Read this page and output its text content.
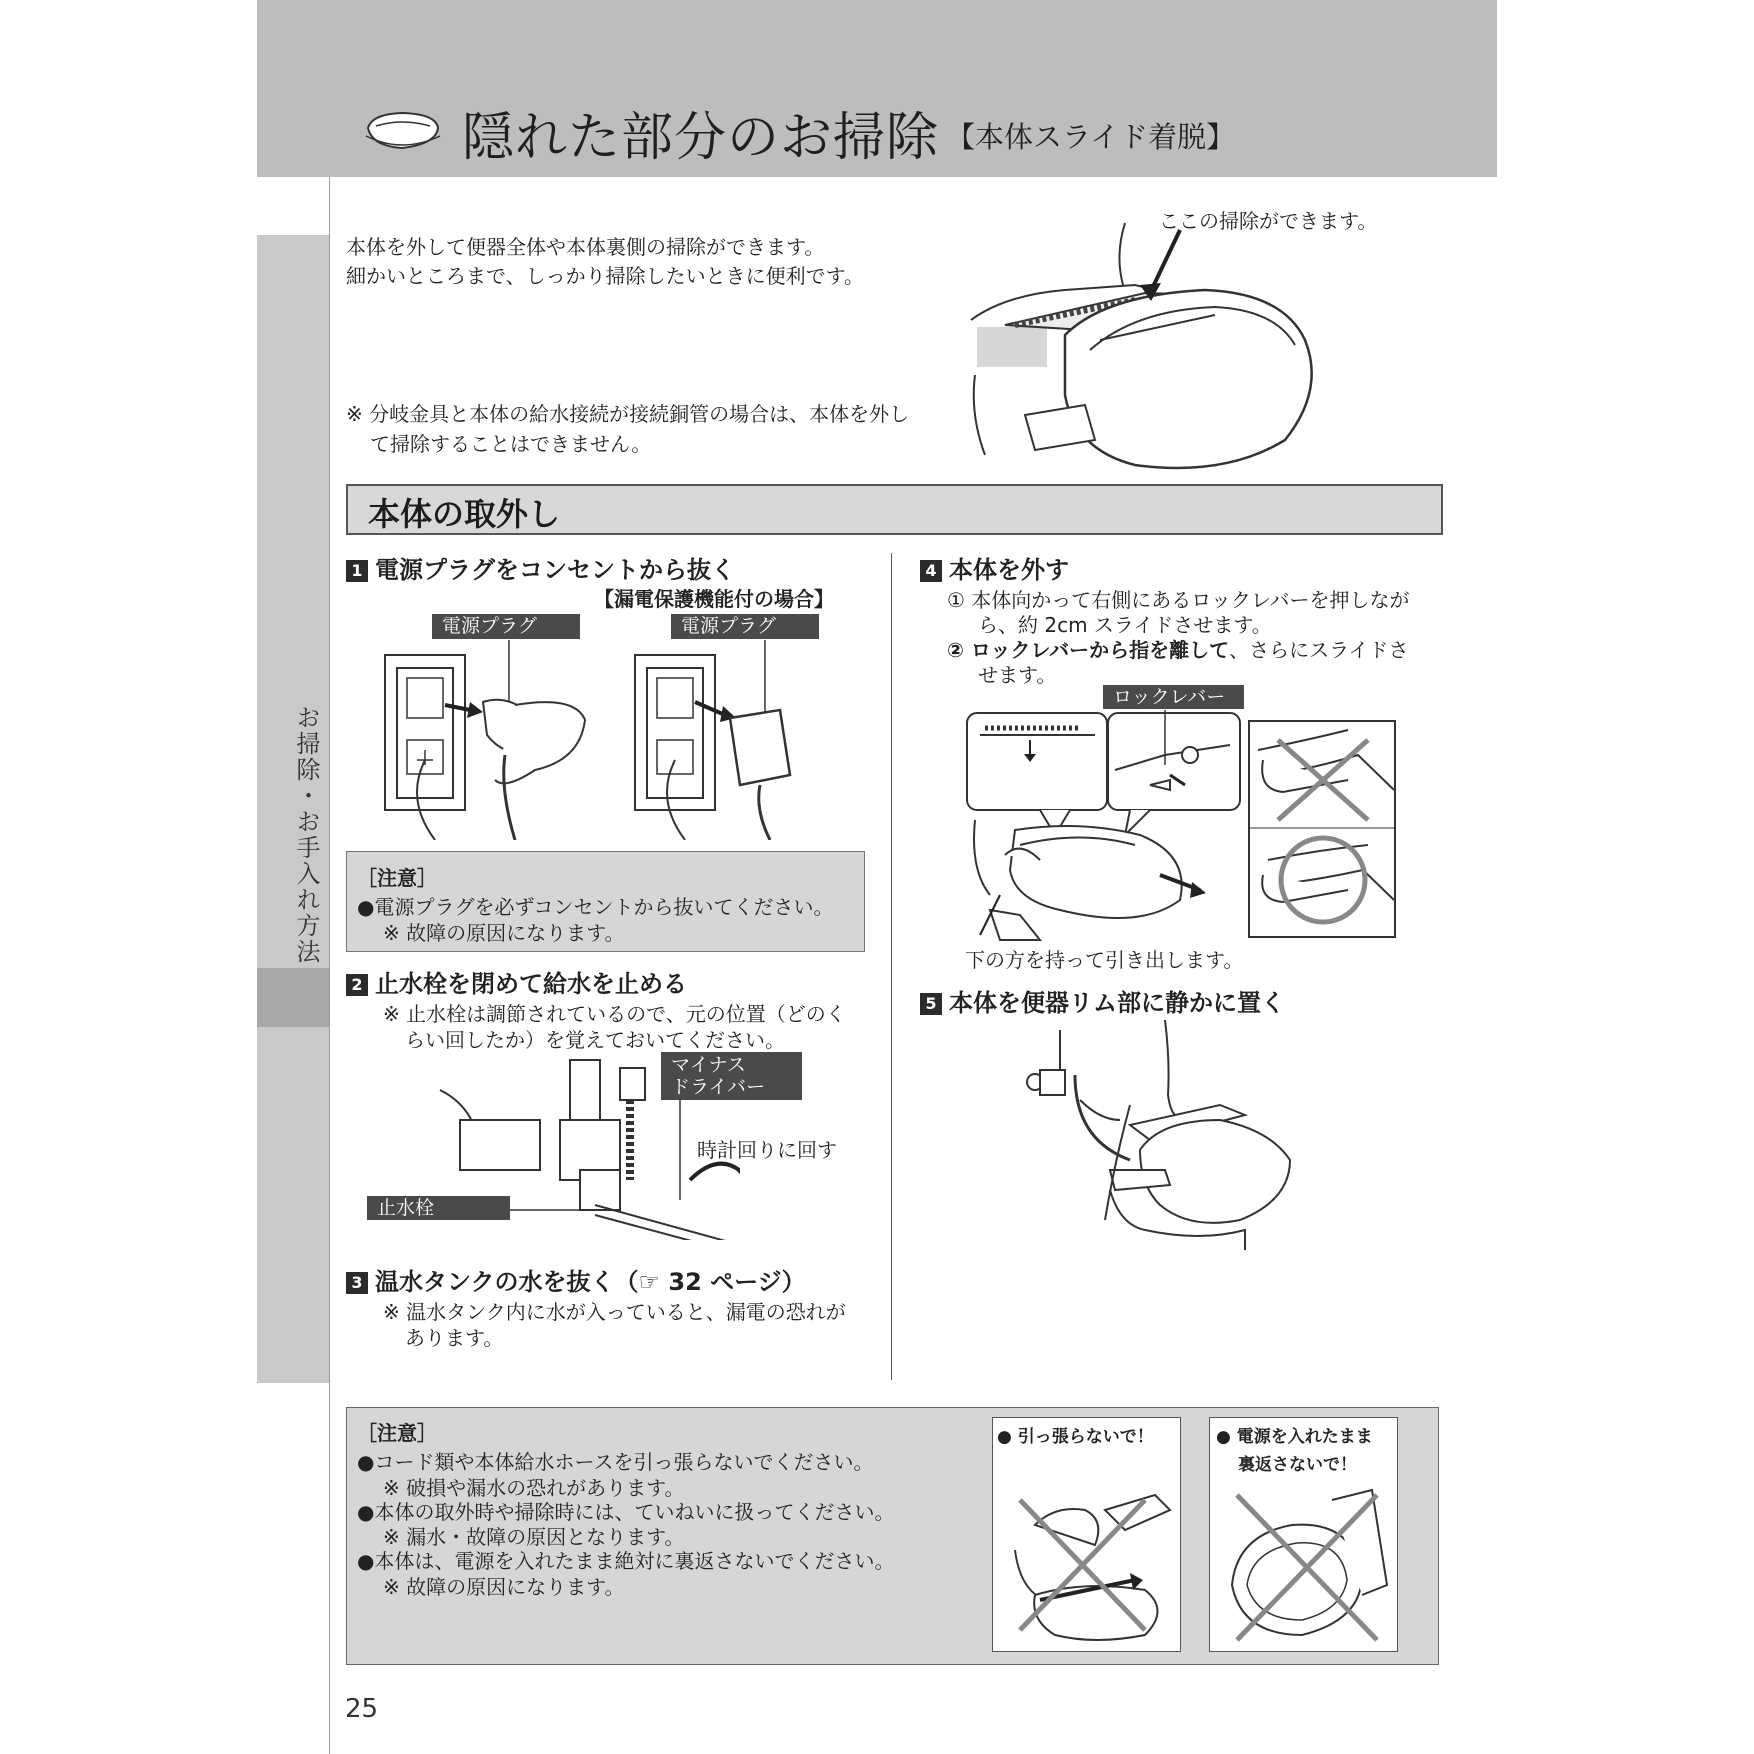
隠れた部分のお掃除 【本体スライド着脱】
お掃除・お手入れ方法
本体を外して便器全体や本体裏側の掃除ができます。
細かいところまで、しっかり掃除したいときに便利です。
※ 分岐金具と本体の給水接続が接続銅管の場合は、本体を外し
て掃除することはできません。
ここの掃除ができます。
本体の取外し
1 電源プラグをコンセントから抜く
【漏電保護機能付の場合】
電源プラグ	電源プラグ
［注意］
●電源プラグを必ずコンセントから抜いてください。
※ 故障の原因になります。
2 止水栓を閉めて給水を止める
※ 止水栓は調節されているので、元の位置（どのく
らい回したか）を覚えておいてください。
マイナス
ドライバー
時計回りに回す
止水栓
3 温水タンクの水を抜く（☞ 32 ページ）
※ 温水タンク内に水が入っていると、漏電の恐れが
あります。
4 本体を外す
① 本体向かって右側にあるロックレバーを押しなが
ら、約 2cm スライドさせます。
② ロックレバーから指を離して、さらにスライドさ
せます。
ロックレバー
下の方を持って引き出します。
5 本体を便器リム部に静かに置く
［注意］
●コード類や本体給水ホースを引っ張らないでください。
※ 破損や漏水の恐れがあります。
●本体の取外時や掃除時には、ていねいに扱ってください。
※ 漏水・故障の原因となります。
●本体は、電源を入れたまま絶対に裏返さないでください。
※ 故障の原因になります。
● 引っ張らないで！	● 電源を入れたまま
裏返さないで！
25
